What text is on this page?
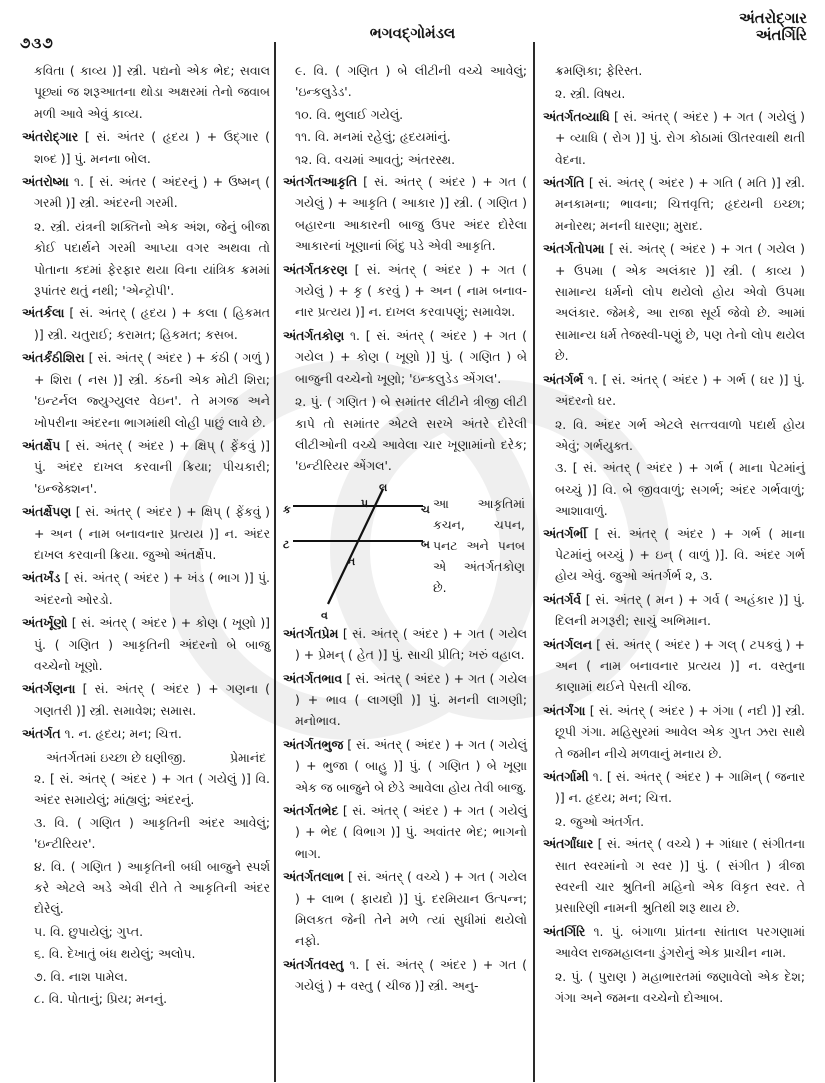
૭૩૭
ભગવદ્ગોમંડલ
અંતરોદ્ગાર
અંતર્ગિરિ

કવિતા ( કાવ્ય )] સ્ત્રી. પદ્યનો એક ભેદ; સવાલ પૂછ્યાં જ શરૂઆતના થોડા અક્ષરમાં તેનો જવાબ મળી આવે એવું કાવ્ય.

અંતરોદ્ગાર [ સં. અંતર ( હૃદય ) + ઉદ્ગાર ( શબ્દ )] પું. મનના બોલ.

અંતરોષ્મા ૧. [ સં. અંતર ( અંદરનું ) + ઉષ્મન્ ( ગરમી )] સ્ત્રી. અંદરની ગરમી.

૨. સ્ત્રી. યંત્રની શક્તિનો એક અંશ, જેનું બીજા કોઈ પદાર્થને ગરમી આપ્યા વગર અથવા તો પોતાના કદમાં ફેરફાર થયા વિના યાંત્રિક ક્રમમાં રૂપાંતર થતું નથી; 'એન્ટ્રોપી'.

અંતર્કલા [ સં. અંતર્ ( હૃદય ) + કલા ( હિકમત )] સ્ત્રી. ચતુરાઈ; કરામત; હિકમત; કસબ.

અંતર્કંઠીશિરા [ સં. અંતર્ ( અંદર ) + કંઠી ( ગળું ) + શિરા ( નસ )] સ્ત્રી. કંઠની એક મોટી શિરા; 'ઇન્ટર્નલ જ્યુગ્યુલર વેઇન'. તે મગજ અને ખોપરીના અંદરના ભાગમાંથી લોહી પાછું લાવે છે.

અંતર્ક્ષેપ [ સં. અંતર્ ( અંદર ) + ક્ષિપ્ ( ફેંકવું )] પું. અંદર દાખલ કરવાની ક્રિયા; પીચકારી; 'ઇન્જેક્શન'.

અંતર્ક્ષેપણ [ સં. અંતર્ ( અંદર ) + ક્ષિપ્ ( ફેંકવું ) + અન ( નામ બનાવનાર પ્રત્યય )] ન. અંદર દાખલ કરવાની ક્રિયા. જુઓ અંતર્ક્ષેપ.

અંતર્ખંડ [ સં. અંતર્ ( અંદર ) + ખંડ ( ભાગ )] પું. અંદરનો ઓરડો.

અંતર્ખૂણો [ સં. અંતર્ ( અંદર ) + કોણ ( ખૂણો )] પું. ( ગણિત ) આકૃતિની અંદરનો બે બાજુ વચ્ચેનો ખૂણો.

અંતર્ગણના [ સં. અંતર્ ( અંદર ) + ગણના ( ગણતરી )] સ્ત્રી. સમાવેશ; સમાસ.

અંતર્ગત ૧. ન. હૃદય; મન; ચિત્ત.

પ્રેમાનંદ
અંતર્ગતમાં ઇચ્છા છે ઘણીજી.

૨. [ સં. અંતર્ ( અંદર ) + ગત ( ગયેલું )] વિ. અંદર સમાયેલું; માંહ્યલું; અંદરનું.

૩. વિ. ( ગણિત ) આકૃતિની અંદર આવેલું; 'ઇન્ટીરિયર'.

૪. વિ. ( ગણિત ) આકૃતિની બધી બાજુને સ્પર્શ કરે એટલે અડે એવી રીતે તે આકૃતિની અંદર દોરેલું.

૫. વિ. છુપાયેલું; ગુપ્ત.

૬. વિ. દેખાતું બંધ થયેલું; અલોપ.

૭. વિ. નાશ પામેલ.

૮. વિ. પોતાનું; પ્રિય; મનનું.

૯. વિ. ( ગણિત ) બે લીટીની વચ્ચે આવેલું; 'ઇન્કલુડેડ'.

૧૦. વિ. ભુલાઈ ગયેલું.

૧૧. વિ. મનમાં રહેલું; હૃદયમાંનું.

૧૨. વિ. વચમાં આવતું; અંતરસ્થ.

અંતર્ગતઆકૃતિ [ સં. અંતર્ ( અંદર ) + ગત ( ગયેલું ) + આકૃતિ ( આકાર )] સ્ત્રી. ( ગણિત ) બહારના આકારની બાજુ ઉપર અંદર દોરેલા આકારનાં ખૂણાનાં બિંદુ પડે એવી આકૃતિ.

અંતર્ગતકરણ [ સં. અંતર્ ( અંદર ) + ગત ( ગયેલું ) + કૃ ( કરવું ) + અન ( નામ બનાવ-નાર પ્રત્યય )] ન. દાખલ કરવાપણું; સમાવેશ.

અંતર્ગતકોણ ૧. [ સં. અંતર્ ( અંદર ) + ગત ( ગયેલ ) + કોણ ( ખૂણો )] પું. ( ગણિત ) બે બાજુની વચ્ચેનો ખૂણો; 'ઇન્કલુડેડ એંગલ'.

૨. પું. ( ગણિત ) બે સમાંતર લીટીને ત્રીજી લીટી કાપે તો સમાંતર એટલે સરખે અંતરે દોરેલી લીટીઓની વચ્ચે આવેલા ચાર ખૂણામાંનો દરેક; 'ઇન્ટીરિયર એંગલ'.

લ
ક	પ	ચ
ટ
ન
બ
વ
આ આકૃતિમાં કચન, ચપન, પનટ અને પનબ એ અંતર્ગતકોણ છે.

અંતર્ગતપ્રેમ [ સં. અંતર્ ( અંદર ) + ગત ( ગયેલ ) + પ્રેમન્ ( હેત )] પું. સાચી પ્રીતિ; ખરું વહાલ.

અંતર્ગતભાવ [ સં. અંતર્ ( અંદર ) + ગત ( ગયેલ ) + ભાવ ( લાગણી )] પું. મનની લાગણી; મનોભાવ.

અંતર્ગતભુજ [ સં. અંતર્ ( અંદર ) + ગત ( ગયેલું ) + ભુજા ( બાહુ )] પું. ( ગણિત ) બે ખૂણા એક જ બાજુને બે છેડે આવેલા હોય તેવી બાજુ.

અંતર્ગતભેદ [ સં. અંતર્ ( અંદર ) + ગત ( ગયેલું ) + ભેદ ( વિભાગ )] પું. અવાંતર ભેદ; ભાગનો ભાગ.

અંતર્ગતલાભ [ સં. અંતર્ ( વચ્ચે ) + ગત ( ગયેલ ) + લાભ ( ફાયદો )] પું. દરમિયાન ઉત્પન્ન; મિલકત જેની તેને મળે ત્યાં સુધીમાં થયેલો નફો.

અંતર્ગતવસ્તુ ૧. [ સં. અંતર્ ( અંદર ) + ગત ( ગયેલું ) + વસ્તુ ( ચીજ )] સ્ત્રી. અનુ-

ક્રમણિકા; ફેરિસ્ત.

૨. સ્ત્રી. વિષય.

અંતર્ગતવ્યાધિ [ સં. અંતર્ ( અંદર ) + ગત ( ગયેલું ) + વ્યાધિ ( રોગ )] પું. રોગ કોઠામાં ઊતરવાથી થતી વેદના.

અંતર્ગતિ [ સં. અંતર્ ( અંદર ) + ગતિ ( મતિ )] સ્ત્રી. મનકામના; ભાવના; ચિત્તવૃત્તિ; હૃદયની ઇચ્છા; મનોરથ; મનની ધારણા; મુરાદ.

અંતર્ગતોપમા [ સં. અંતર્ ( અંદર ) + ગત ( ગયેલ ) + ઉપમા ( એક અલંકાર )] સ્ત્રી. ( કાવ્ય ) સામાન્ય ધર્મનો લોપ થયેલો હોય એવો ઉપમા અલંકાર. જેમકે, આ રાજા સૂર્ય જેવો છે. આમાં સામાન્ય ધર્મ તેજસ્વી-પણું છે, પણ તેનો લોપ થયેલ છે.

અંતર્ગર્ભ ૧. [ સં. અંતર્ ( અંદર ) + ગર્ભ ( ઘર )] પું. અંદરનો ઘર.

૨. વિ. અંદર ગર્ભ એટલે સત્ત્વવાળો પદાર્થ હોય એવું; ગર્ભયુક્ત.

૩. [ સં. અંતર્ ( અંદર ) + ગર્ભ ( માના પેટમાંનું બચ્ચું )] વિ. બે જીવવાળું; સગર્ભ; અંદર ગર્ભવાળું; આશાવાળું.

અંતર્ગર્ભી [ સં. અંતર્ ( અંદર ) + ગર્ભ ( માના પેટમાંનું બચ્ચું ) + ઇન્ ( વાળું )]. વિ. અંદર ગર્ભ હોય એવું. જુઓ અંતર્ગર્ભ ૨, ૩.

અંતર્ગર્વ [ સં. અંતર્ ( મન ) + ગર્વ ( અહંકાર )] પું. દિલની મગરૂરી; સાચું અભિમાન.

અંતર્ગલન [ સં. અંતર્ ( અંદર ) + ગલ્ ( ટપકવું ) + અન ( નામ બનાવનાર પ્રત્યય )] ન. વસ્તુના કાણામાં થઈને પેસતી ચીજ.

અંતર્ગંગા [ સં. અંતર્ ( અંદર ) + ગંગા ( નદી )] સ્ત્રી. છૂપી ગંગા. મહિસુરમાં આવેલ એક ગુપ્ત ઝરા સાથે તે જમીન નીચે મળવાનું મનાય છે.

અંતર્ગામી ૧. [ સં. અંતર્ ( અંદર ) + ગામિન્ ( જનાર )] ન. હૃદય; મન; ચિત્ત.

૨. જુઓ અંતર્ગત.

અંતર્ગાંધાર [ સં. અંતર્ ( વચ્ચે ) + ગાંધાર ( સંગીતના સાત સ્વરમાંનો ગ સ્વર )] પું. ( સંગીત ) ત્રીજા સ્વરની ચાર શ્રુતિની મહિનો એક વિકૃત સ્વર. તે પ્રસારિણી નામની શ્રુતિથી શરૂ થાય છે.

અંતર્ગિરિ ૧. પું. બંગાળા પ્રાંતના સાંતાલ પરગણામાં આવેલ રાજમહાલના ડુંગરોનું એક પ્રાચીન નામ.

૨. પું. ( પુરાણ ) મહાભારતમાં જણાવેલો એક દેશ; ગંગા અને જમના વચ્ચેનો દોઆબ.
